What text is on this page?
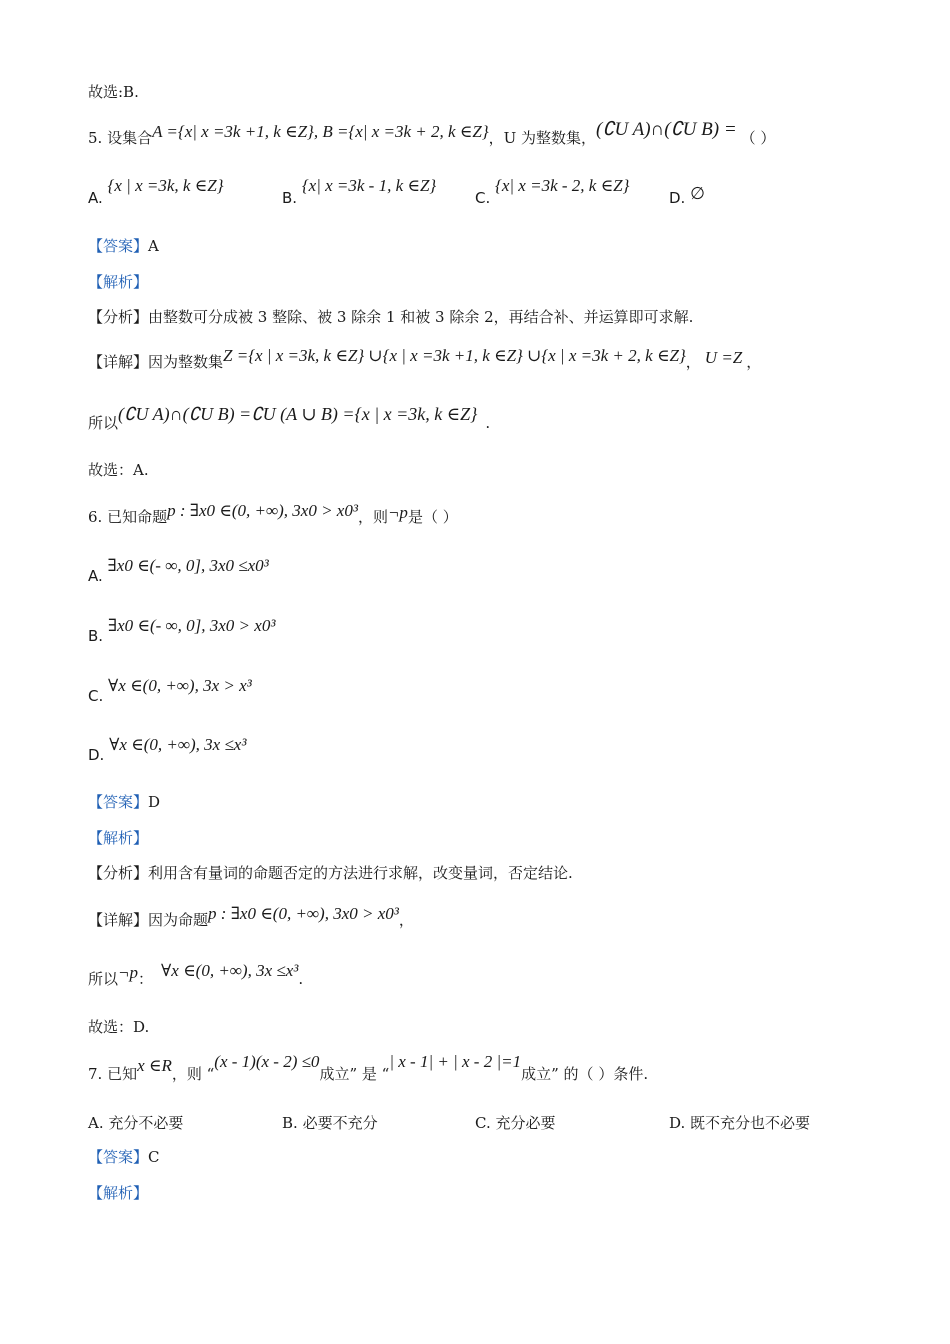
故选:B.
5. 设集合A ={x| x =3k +1, k ∈Z}, B ={x| x =3k + 2, k ∈Z}，U 为整数集，(∁U A)∩(∁U B) = （ ）
A. {x | x =3k, k ∈Z}
B. {x| x =3k - 1, k ∈Z}
C. {x| x =3k - 2, k ∈Z}
D. ∅
【答案】A
【解析】
【分析】由整数可分成被 3 整除、被 3 除余 1 和被 3 除余 2，再结合补、并运算即可求解.
【详解】因为整数集Z ={x | x =3k, k ∈Z} ∪{x | x =3k +1, k ∈Z} ∪{x | x =3k + 2, k ∈Z}， U =Z ，
所以(∁U A)∩(∁U B) =∁U (A ∪ B) ={x | x =3k, k ∈Z} .
故选：A.
6. 已知命题p : ∃x0 ∈(0, +∞), 3x0 > x0³，则¬p是（ ）
A. ∃x0 ∈(- ∞, 0], 3x0 ≤x0³
B. ∃x0 ∈(- ∞, 0], 3x0 > x0³
C. ∀x ∈(0, +∞), 3x > x³
D. ∀x ∈(0, +∞), 3x ≤x³
【答案】D
【解析】
【分析】利用含有量词的命题否定的方法进行求解，改变量词，否定结论.
【详解】因为命题p : ∃x0 ∈(0, +∞), 3x0 > x0³，
所以¬p： ∀x ∈(0, +∞), 3x ≤x³.
故选：D.
7. 已知x ∈R，则 “(x - 1)(x - 2) ≤0成立” 是 “| x - 1| + | x - 2 |=1成立” 的（ ）条件.
A. 充分不必要	B. 必要不充分	C. 充分必要	D. 既不充分也不必要
【答案】C
【解析】
